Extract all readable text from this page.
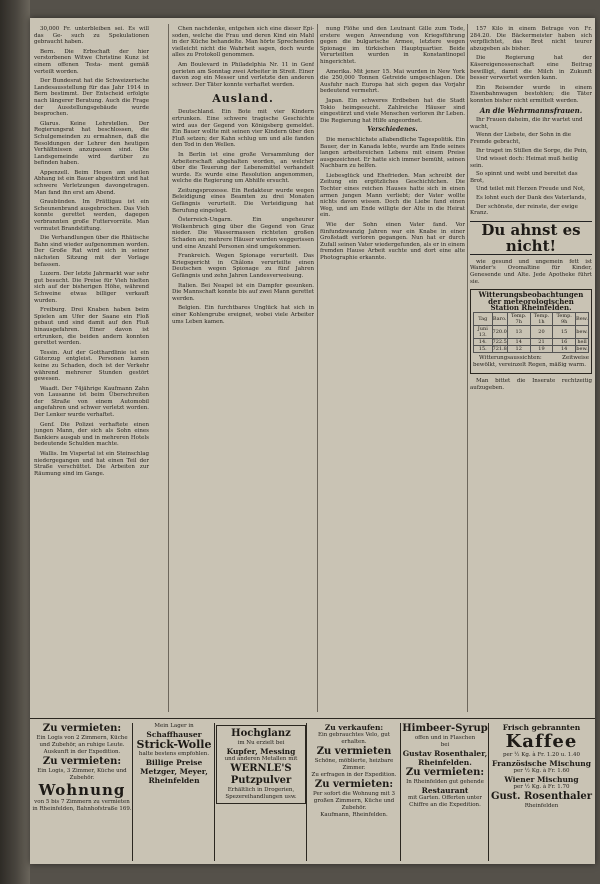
30,000 Fr. unterbleiben sei. Es will das Ge- such zu Spekulationen gebraucht haben.

Bern. Die Erbschaft der hier verstorbenen Witwe Christine Kunz ist einem offenen Testa- ment gemäß verteilt worden.

Der Bundesrat hat die Schweizerische Landesausstellung für das Jahr 1914 in Bern bestimmt. Der Entscheid erfolgte nach längerer Beratung. Auch die Frage der Ausstellungsgebäude wurde besprochen.

Glarus. Keine Lehrstellen. Der Regierungsrat hat beschlossen, die Schulgemeinden zu ermahnen, daß die Besoldungen der Lehrer den heutigen Verhältnissen anzupassen sind. Die Landsgemeinde wird darüber zu befinden haben.

Appenzell. Beim Heuen am steilen Abhang ist ein Bauer abgestürzt und hat schwere Verletzungen davongetragen. Man fand ihn erst am Abend.

Graubünden. Im Prättigau ist ein Scheunenbrand ausgebrochen. Das Vieh konnte gerettet werden, dagegen verbrannten große Futtervorräte. Man vermutet Brandstiftung.

Die Verhandlungen über die Rhätische Bahn sind wieder aufgenommen worden. Der Große Rat wird sich in seiner nächsten Sitzung mit der Vorlage befassen.

Luzern. Der letzte Jahrmarkt war sehr gut besucht. Die Preise für Vieh hielten sich auf der bisherigen Höhe, während Schweine etwas billiger verkauft wurden.

Freiburg. Drei Knaben haben beim Spielen am Ufer der Saane ein Floß gebaut und sind damit auf den Fluß hinausgefahren. Einer davon ist ertrunken, die beiden andern konnten gerettet werden.

Tessin. Auf der Gotthardlinie ist ein Güterzug entgleist. Personen kamen keine zu Schaden, doch ist der Verkehr während mehrerer Stunden gestört gewesen.

Waadt. Der 74jährige Kaufmann Zahn von Lausanne ist beim Überschreiten der Straße von einem Automobil angefahren und schwer verletzt worden. Der Lenker wurde verhaftet.

Genf. Die Polizei verhaftete einen jungen Mann, der sich als Sohn eines Bankiers ausgab und in mehreren Hotels bedeutende Schulden machte.

Wallis. Im Vispertal ist ein Steinschlag niedergegangen und hat einen Teil der Straße verschüttet. Die Arbeiten zur Räumung sind im Gange.

Chen nachdenke, entgehen sich eine dieser Epi- soden, welche die Frau und deren Kind ein Mahl in der Küche behandelte. Man hörte Sprechenden vielleicht nicht die Wahrheit sagen, doch wurde alles zu Protokoll genommen.

Am Boulevard in Philadelphia Nr. 11 in Genf gerieten am Sonntag zwei Arbeiter in Streit. Einer davon zog ein Messer und verletzte den anderen schwer. Der Täter konnte verhaftet werden.

Ausland.

Deutschland. Ein Bote mit vier Kindern ertrunken. Eine schwere tragische Geschichte wird aus der Gegend von Königsberg gemeldet. Ein Bauer wollte mit seinen vier Kindern über den Fluß setzen; der Kahn schlug um und alle fanden den Tod in den Wellen.

In Berlin ist eine große Versammlung der Arbeiterschaft abgehalten worden, an welcher über die Teuerung der Lebensmittel verhandelt wurde. Es wurde eine Resolution angenommen, welche die Regierung um Abhilfe ersucht.

Zeitungsprozesse. Ein Redakteur wurde wegen Beleidigung eines Beamten zu drei Monaten Gefängnis verurteilt. Die Verteidigung hat Berufung eingelegt.

Österreich-Ungarn. Ein ungeheurer Wolkenbruch ging über die Gegend von Graz nieder. Die Wassermassen richteten großen Schaden an; mehrere Häuser wurden weggerissen und eine Anzahl Personen sind umgekommen.

Frankreich. Wegen Spionage verurteilt. Das Kriegsgericht in Châlons verurteilte einen Deutschen wegen Spionage zu fünf Jahren Gefängnis und zehn Jahren Landesverweisung.

Italien. Bei Neapel ist ein Dampfer gesunken. Die Mannschaft konnte bis auf zwei Mann gerettet werden.

Belgien. Ein furchtbares Unglück hat sich in einer Kohlengrube ereignet, wobei viele Arbeiter ums Leben kamen.

nung Flöhe und den Leutnant Gille zum Tode, erstere wegen Anwendung von Kriegsführung gegen die bulgarische Armee, letztere wegen Spionage im türkischen Hauptquartier. Beide Verurteilten wurden in Konstantinopel hingerichtet.

Amerika. Mit jener 15. Mai wurden in New York die 250,000 Tonnen Getreide umgeschlagen. Die Ausfuhr nach Europa hat sich gegen das Vorjahr bedeutend vermehrt.

Japan. Ein schweres Erdbeben hat die Stadt Tokio heimgesucht. Zahlreiche Häuser sind eingestürzt und viele Menschen verloren ihr Leben. Die Regierung hat Hilfe angeordnet.

Verschiedenes.

Die menschlichste allabendliche Tagespolitik. Ein Bauer, der in Kanada lebte, wurde am Ende seines langen arbeitsreichen Lebens mit einem Preise ausgezeichnet. Er hatte sich immer bemüht, seinen Nachbarn zu helfen.

Liebesglück und Ehefrieden. Man schreibt der Zeitung ein ergötzliches Geschichtchen. Die Tochter eines reichen Hauses hatte sich in einen armen jungen Mann verliebt; der Vater wollte nichts davon wissen. Doch die Liebe fand einen Weg, und am Ende willigte der Alte in die Heirat ein.

Wie der Sohn einen Vater fand. Vor fünfundzwanzig Jahren war ein Knabe in einer Großstadt verloren gegangen. Nun hat er durch Zufall seinen Vater wiedergefunden, als er in einem fremden Hause Arbeit suchte und dort eine alte Photographie erkannte.

157 Kilo in einem Betrage von Fr. 284.20. Die Bäckermeister haben sich verpflichtet, das Brot nicht teurer abzugeben als bisher.

Die Regierung hat der Käsereigenossenschaft eine Beitrag bewilligt, damit die Milch in Zukunft besser verwertet werden kann.

Ein Reisender wurde in einem Eisenbahnwagen bestohlen; die Täter konnten bisher nicht ermittelt werden.

An die Wehrmannsfrauen.

Ihr Frauen daheim, die ihr wartet und wacht,

Wenn der Liebste, der Sohn in die Fremde gebracht,

Ihr traget im Stillen die Sorge, die Pein,

Und wisset doch: Heimat muß heilig sein.

So spinnt und webt und bereitet das Brot,

Und teilet mit Herzen Freude und Not,

Es lohnt euch der Dank des Vaterlands,

Der schönste, der reinste, der ewige Kranz.

Du ahnst es nicht!

wie gesund und ungemein fett ist Wander's Ovomaltine für Kinder, Genesende und Alte. Jede Apotheke führt sie.

Witterungsbeobachtungen der meteorologischen Station Rheinfelden.
Tag	Baro.	Temp. 7h	Temp. 1h	Temp. 9h	Bew.
Juni 13.	720.0	13	20	15	bew.
14.	722.5	14	21	16	hell
15.	721.8	12	19	14	bew.

Witterungsaussichten: Zeitweise bewölkt, vereinzelt Regen, mäßig warm.

Man bittet die Inserate rechtzeitig aufzugeben.

Zu vermieten:
Ein Logis von 2 Zimmern, Küche und Zubehör, an ruhige Leute.
Auskunft in der Expedition.
Zu vermieten:
Ein Logis, 3 Zimmer, Küche und Zubehör.
Wohnung
von 5 bis 7 Zimmern zu vermieten
in Rheinfelden, Bahnhofstraße 169.
Mein Lager in
Schaffhauser
Strick-Wolle
halte bestens empfohlen.
Billige Preise
Metzger, Meyer, Rheinfelden
Hochglanz
im Nu erzielt bei
Kupfer, Messing
und anderen Metallen mit
WERNLE'S Putzpulver
Erhältlich in Drogerien, Spezereihandlungen usw.
Zu verkaufen:
Ein gebrauchtes Velo, gut erhalten.
Zu vermieten
Schöne, möblierte, heizbare Zimmer.
Zu erfragen in der Expedition.
Zu vermieten:
Per sofort die Wohnung mit 3 großen Zimmern, Küche und Zubehör.
Kaufmann, Rheinfelden.
Himbeer-Syrup
offen und in Flaschen
bei
Gustav Rosenthaler, Rheinfelden.
Zu vermieten:
In Rheinfelden gut gehende
Restaurant
mit Garten. Offerten unter Chiffre an die Expedition.
Frisch gebrannten
Kaffee
per ½ Kg. à Fr. 1.20 u. 1.40
Französische Mischung
per ½ Kg. à Fr. 1.60
Wiener Mischung
per ½ Kg. à Fr. 1.70
Gust. Rosenthaler
Rheinfelden
